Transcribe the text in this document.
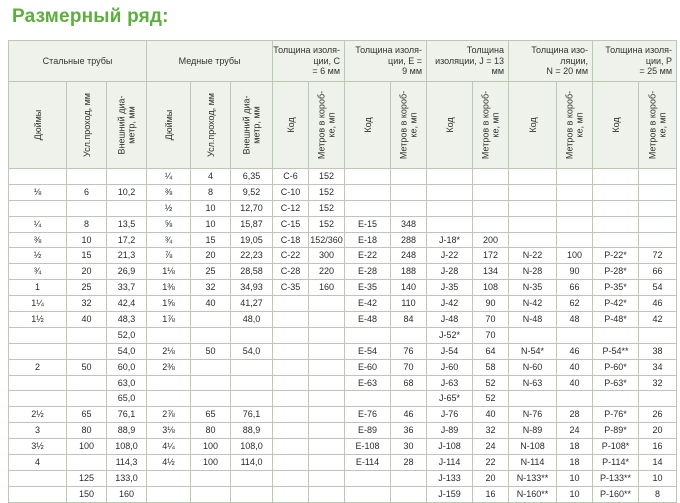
Размерный ряд:
Стальные трубы			Медные трубы			Толщина изоля-
ции, С
= 6 мм		Толщина изоля-
ции, Е =
9 мм		Толщина
изоляции, J = 13 мм		Толщина изо-
ляции,
N = 20 мм		Толщина изоля-
ции, Р
= 25 мм	

Дюймы	Усл.проход, мм	Внешний диа-метр, мм	Дюймы	Усл.проход, мм	Внешний диа-метр, мм	Код	Метров в короб-ке, мп	Код	Метров в короб-ке, мп	Код	Метров в короб-ке, мп	Код	Метров в короб-ке, мп	Код	Метров в короб-ке, мп

			¼	4	6,35	C-6	152								
⅛	6	10,2	⅜	8	9,52	C-10	152								
			½	10	12,70	C-12	152								
¼	8	13,5	⅝	10	15,87	C-15	152	E-15	348						
⅜	10	17,2	¾	15	19,05	C-18	152/360	E-18	288	J-18*	200				
½	15	21,3	⅞	20	22,23	C-22	300	E-22	248	J-22	172	N-22	100	P-22*	72
¾	20	26,9	1⅛	25	28,58	C-28	220	E-28	188	J-28	134	N-28	90	P-28*	66
1	25	33,7	1⅜	32	34,93	C-35	160	E-35	140	J-35	108	N-35	66	P-35*	54
1¼	32	42,4	1⅝	40	41,27			E-42	110	J-42	90	N-42	62	P-42*	46
1½	40	48,3	1⅞		48,0			E-48	84	J-48	70	N-48	48	P-48*	42
		52,0								J-52*	70				
		54,0	2⅛	50	54,0			E-54	76	J-54	64	N-54*	46	P-54**	38
2	50	60,0	2⅜					E-60	70	J-60	58	N-60	40	P-60*	34
		63,0						E-63	68	J-63	52	N-63	40	P-63*	32
		65,0								J-65*	52				
2½	65	76,1	2⅞	65	76,1			E-76	46	J-76	40	N-76	28	P-76*	26
3	80	88,9	3⅛	80	88,9			E-89	36	J-89	32	N-89	24	P-89*	20
3½	100	108,0	4¼	100	108,0			E-108	30	J-108	24	N-108	18	P-108*	16
4		114,3	4½	100	114,0			E-114	28	J-114	22	N-114	18	P-114*	14
	125	133,0								J-133	20	N-133**	10	P-133**	10
	150	160								J-159	16	N-160**	10	P-160**	8
